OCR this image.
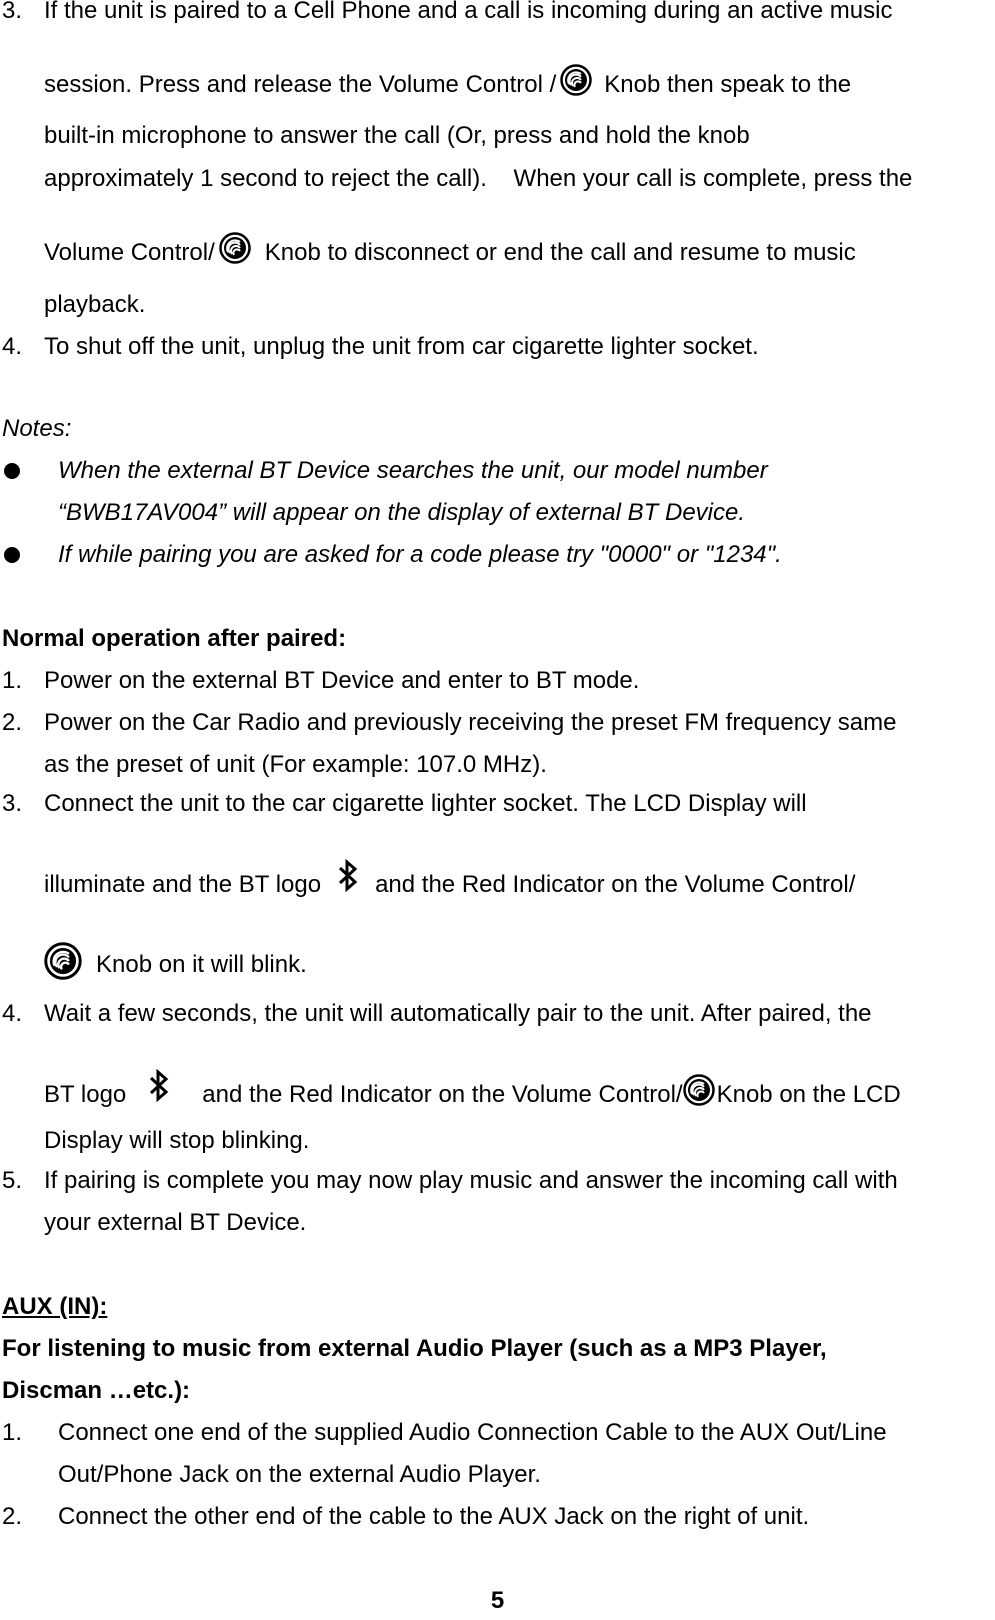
3. If the unit is paired to a Cell Phone and a call is incoming during an active music
session. Press and release the Volume Control / Knob then speak to the
built-in microphone to answer the call (Or, press and hold the knob
approximately 1 second to reject the call).    When your call is complete, press the
Volume Control/ Knob to disconnect or end the call and resume to music
playback.
4. To shut off the unit, unplug the unit from car cigarette lighter socket.
Notes:
When the external BT Device searches the unit, our model number
“BWB17AV004” will appear on the display of external BT Device.
If while pairing you are asked for a code please try "0000" or "1234".
Normal operation after paired:
1. Power on the external BT Device and enter to BT mode.
2. Power on the Car Radio and previously receiving the preset FM frequency same
as the preset of unit (For example: 107.0 MHz).
3. Connect the unit to the car cigarette lighter socket. The LCD Display will
illuminate and the BT logo and the Red Indicator on the Volume Control/
Knob on it will blink.
4. Wait a few seconds, the unit will automatically pair to the unit. After paired, the
BT logo	and the Red Indicator on the Volume Control/ Knob on the LCD
Display will stop blinking.
5. If pairing is complete you may now play music and answer the incoming call with
your external BT Device.
AUX (IN):
For listening to music from external Audio Player (such as a MP3 Player,
Discman …etc.):
1. Connect one end of the supplied Audio Connection Cable to the AUX Out/Line
Out/Phone Jack on the external Audio Player.
2. Connect the other end of the cable to the AUX Jack on the right of unit.
5
